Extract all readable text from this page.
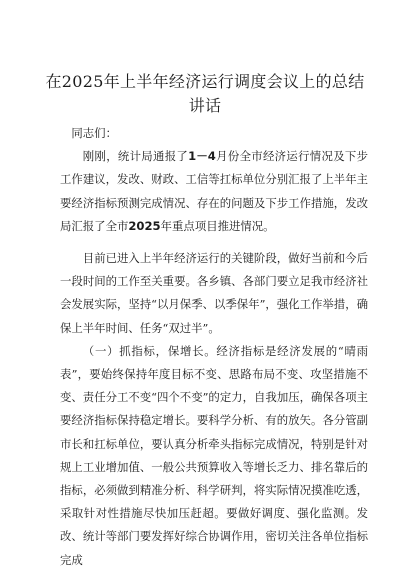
在2025年上半年经济运行调度会议上的总结讲话

同志们：

刚刚，统计局通报了1－4月份全市经济运行情况及下步工作建议，发改、财政、工信等扛标单位分别汇报了上半年主要经济指标预测完成情况、存在的问题及下步工作措施，发改局汇报了全市2025年重点项目推进情况。

目前已进入上半年经济运行的关键阶段，做好当前和今后一段时间的工作至关重要。各乡镇、各部门要立足我市经济社会发展实际，坚持“以月保季、以季保年”，强化工作举措，确保上半年时间、任务“双过半”。

（一）抓指标，保增长。经济指标是经济发展的“晴雨表”，要始终保持年度目标不变、思路布局不变、攻坚措施不变、责任分工不变“四个不变”的定力，自我加压，确保各项主要经济指标保持稳定增长。要科学分析、有的放矢。各分管副市长和扛标单位，要认真分析牵头指标完成情况，特别是针对规上工业增加值、一般公共预算收入等增长乏力、排名靠后的指标，必须做到精准分析、科学研判，将实际情况摸准吃透，采取针对性措施尽快加压赶超。要做好调度、强化监测。发改、统计等部门要发挥好综合协调作用，密切关注各单位指标完成
